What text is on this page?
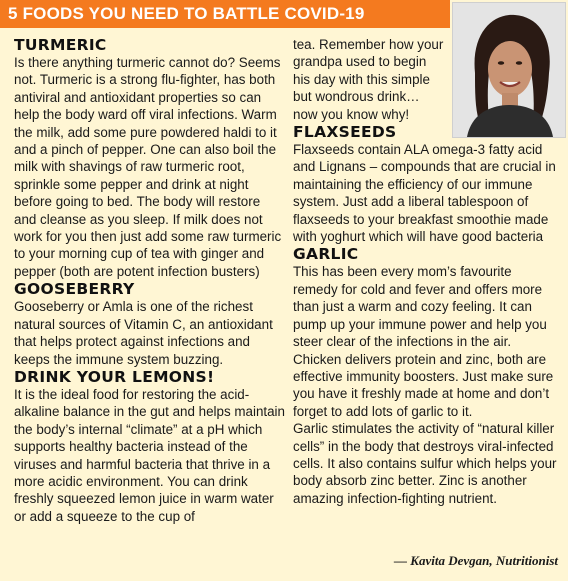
5 FOODS YOU NEED TO BATTLE COVID-19
TURMERIC

Is there anything turmeric cannot do? Seems not. Turmeric is a strong flu-fighter, has both antiviral and antioxidant properties so can help the body ward off viral infections. Warm the milk, add some pure powdered haldi to it and a pinch of pepper. One can also boil the milk with shavings of raw turmeric root, sprinkle some pepper and drink at night before going to bed. The body will restore and cleanse as you sleep. If milk does not work for you then just add some raw turmeric to your morning cup of tea with ginger and pepper (both are potent infection busters)

GOOSEBERRY

Gooseberry or Amla is one of the richest natural sources of Vitamin C, an antioxidant that helps protect against infections and keeps the immune system buzzing.

DRINK YOUR LEMONS!

It is the ideal food for restoring the acid-alkaline balance in the gut and helps maintain the body’s internal “climate” at a pH which supports healthy bacteria instead of the viruses and harmful bacteria that thrive in a more acidic environment. You can drink freshly squeezed lemon juice in warm water or add a squeeze to the cup of

tea. Remember how your grandpa used to begin his day with this simple but wondrous drink… now you know why!

FLAXSEEDS

Flaxseeds contain ALA omega-3 fatty acid and Lignans – compounds that are crucial in maintaining the efficiency of our immune system. Just add a liberal tablespoon of flaxseeds to your breakfast smoothie made with yoghurt which will have good bacteria

GARLIC

This has been every mom’s favourite remedy for cold and fever and offers more than just a warm and cozy feeling. It can pump up your immune power and help you steer clear of the infections in the air. Chicken delivers protein and zinc, both are effective immunity boosters. Just make sure you have it freshly made at home and don’t forget to add lots of garlic to it.

Garlic stimulates the activity of “natural killer cells” in the body that destroys viral-infected cells. It also contains sulfur which helps your body absorb zinc better. Zinc is another amazing infection-fighting nutrient.

— Kavita Devgan, Nutritionist
